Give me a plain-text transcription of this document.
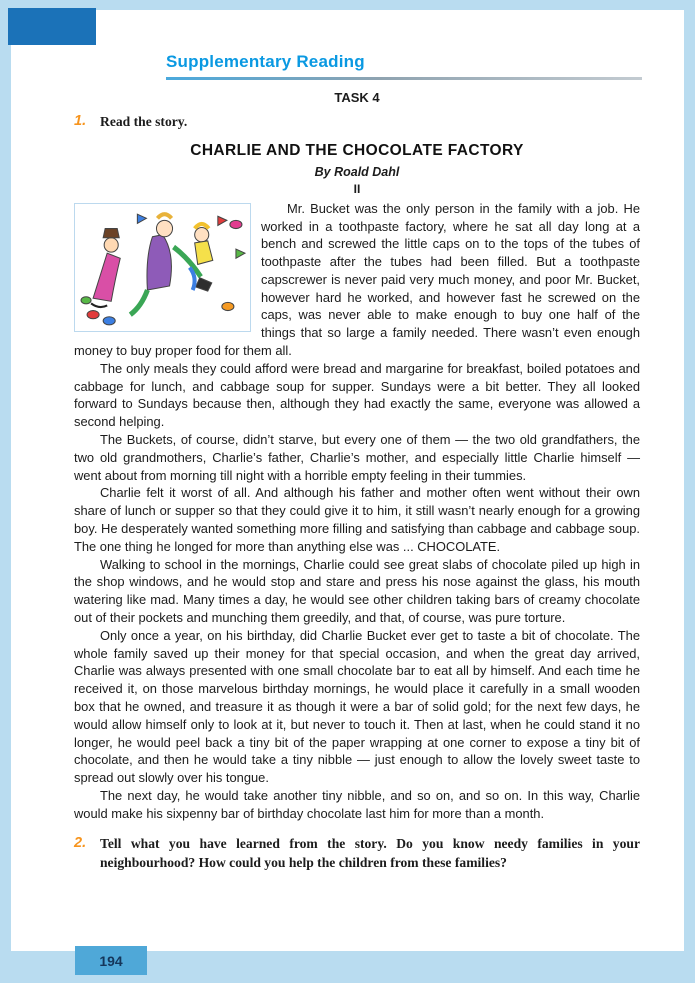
Supplementary Reading
TASK 4
1.	Read the story.
CHARLIE AND THE CHOCOLATE FACTORY
By Roald Dahl
II

Mr. Bucket was the only person in the family with a job. He worked in a toothpaste factory, where he sat all day long at a bench and screwed the little caps on to the tops of the tubes of toothpaste after the tubes had been filled. But a toothpaste capscrewer is never paid very much money, and poor Mr. Bucket, however hard he worked, and however fast he screwed on the caps, was never able to make enough to buy one half of the things that so large a family needed. There wasn’t even enough money to buy proper food for them all.

The only meals they could afford were bread and margarine for breakfast, boiled potatoes and cabbage for lunch, and cabbage soup for supper. Sundays were a bit better. They all looked forward to Sundays because then, although they had exactly the same, everyone was allowed a second helping.

The Buckets, of course, didn’t starve, but every one of them — the two old grandfathers, the two old grandmothers, Charlie’s father, Charlie’s mother, and especially little Charlie himself — went about from morning till night with a horrible empty feeling in their tummies.

Charlie felt it worst of all. And although his father and mother often went without their own share of lunch or supper so that they could give it to him, it still wasn’t nearly enough for a growing boy. He desperately wanted something more filling and satisfying than cabbage and cabbage soup. The one thing he longed for more than anything else was ... CHOCOLATE.

Walking to school in the mornings, Charlie could see great slabs of chocolate piled up high in the shop windows, and he would stop and stare and press his nose against the glass, his mouth watering like mad. Many times a day, he would see other children taking bars of creamy chocolate out of their pockets and munching them greedily, and that, of course, was pure torture.

Only once a year, on his birthday, did Charlie Bucket ever get to taste a bit of chocolate. The whole family saved up their money for that special occasion, and when the great day arrived, Charlie was always presented with one small chocolate bar to eat all by himself. And each time he received it, on those marvelous birthday mornings, he would place it carefully in a small wooden box that he owned, and treasure it as though it were a bar of solid gold; for the next few days, he would allow himself only to look at it, but never to touch it. Then at last, when he could stand it no longer, he would peel back a tiny bit of the paper wrapping at one corner to expose a tiny bit of chocolate, and then he would take a tiny nibble — just enough to allow the lovely sweet taste to spread out slowly over his tongue.

The next day, he would take another tiny nibble, and so on, and so on. In this way, Charlie would make his sixpenny bar of birthday chocolate last him for more than a month.

2.	Tell what you have learned from the story. Do you know needy families in your neighbourhood? How could you help the children from these families?
194
